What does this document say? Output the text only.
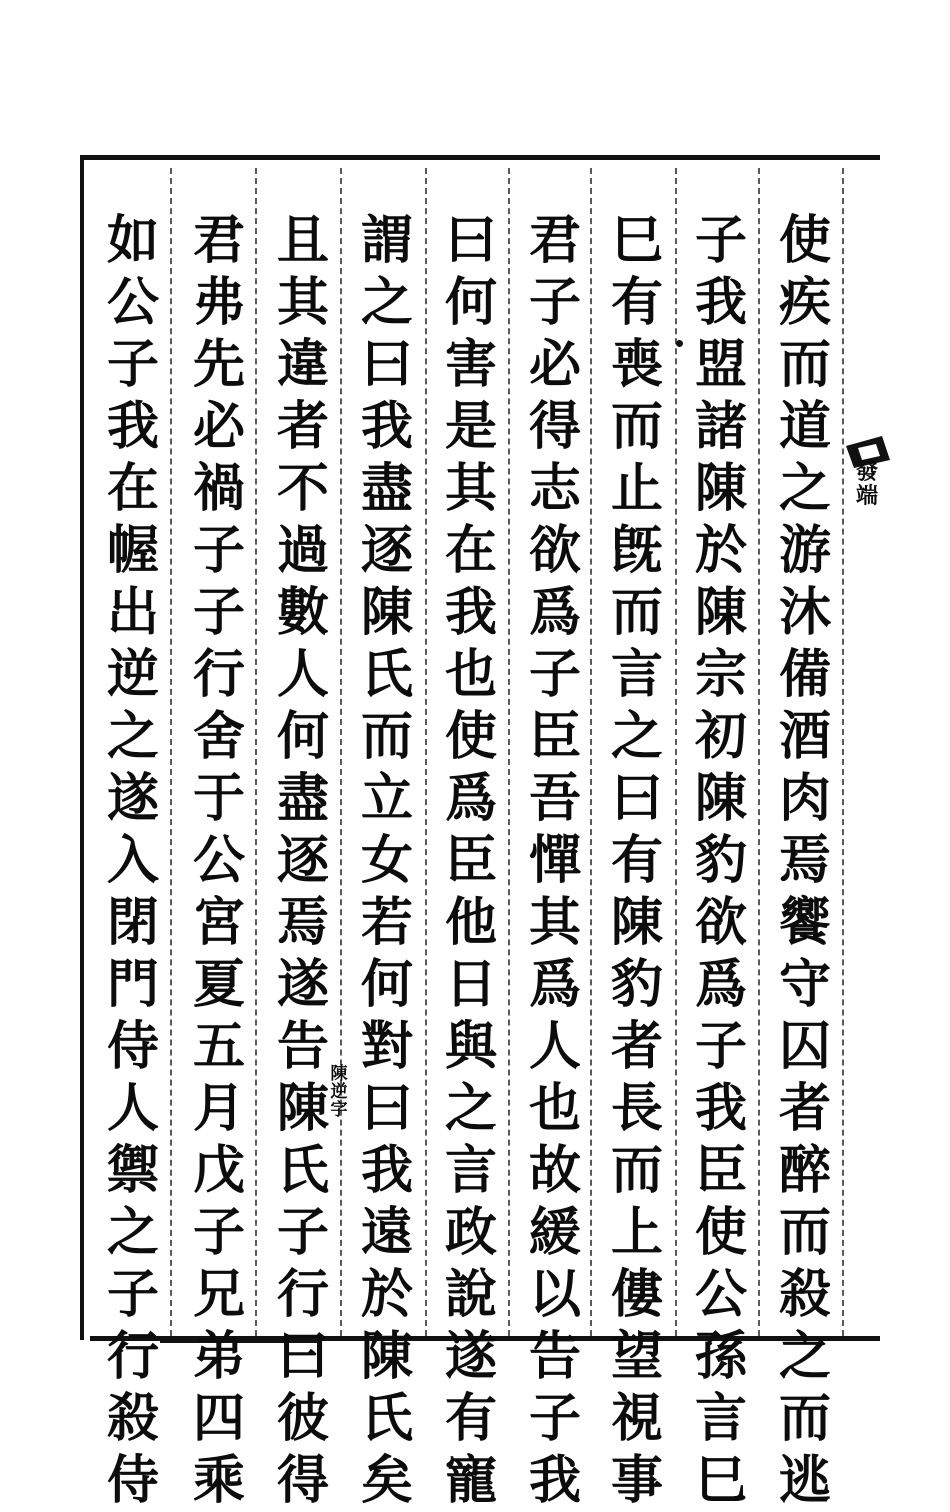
使
疾
而
道
之
游
沐
備
酒
肉
焉
饗
守
囚
者
醉
而
殺
之
而
逃
子
我
盟
諸
陳
於
陳
宗
初
陳
豹
欲
爲
子
我
臣
使
公
孫
言
巳
巳
有
喪
而
止
旣
而
言
之
曰
有
陳
豹
者
長
而
上
僂
望
視
事
君
子
必
得
志
欲
爲
子
臣
吾
憚
其
爲
人
也
故
緩
以
告
子
我
曰
何
害
是
其
在
我
也
使
爲
臣
他
日
與
之
言
政
說
遂
有
寵
謂
之
曰
我
盡
逐
陳
氏
而
立
女
若
何
對
曰
我
遠
於
陳
氏
矣
且
其
違
者
不
過
數
人
何
盡
逐
焉
遂
告
陳
氏
子
行
曰
彼
得
君
弗
先
必
禍
子
子
行
舍
于
公
宮
夏
五
月
戊
子
兄
弟
四
乘
如
公
子
我
在
幄
出
逆
之
遂
入
閉
門
侍
人
禦
之
子
行
殺
侍
陳
逆
字
發
端
